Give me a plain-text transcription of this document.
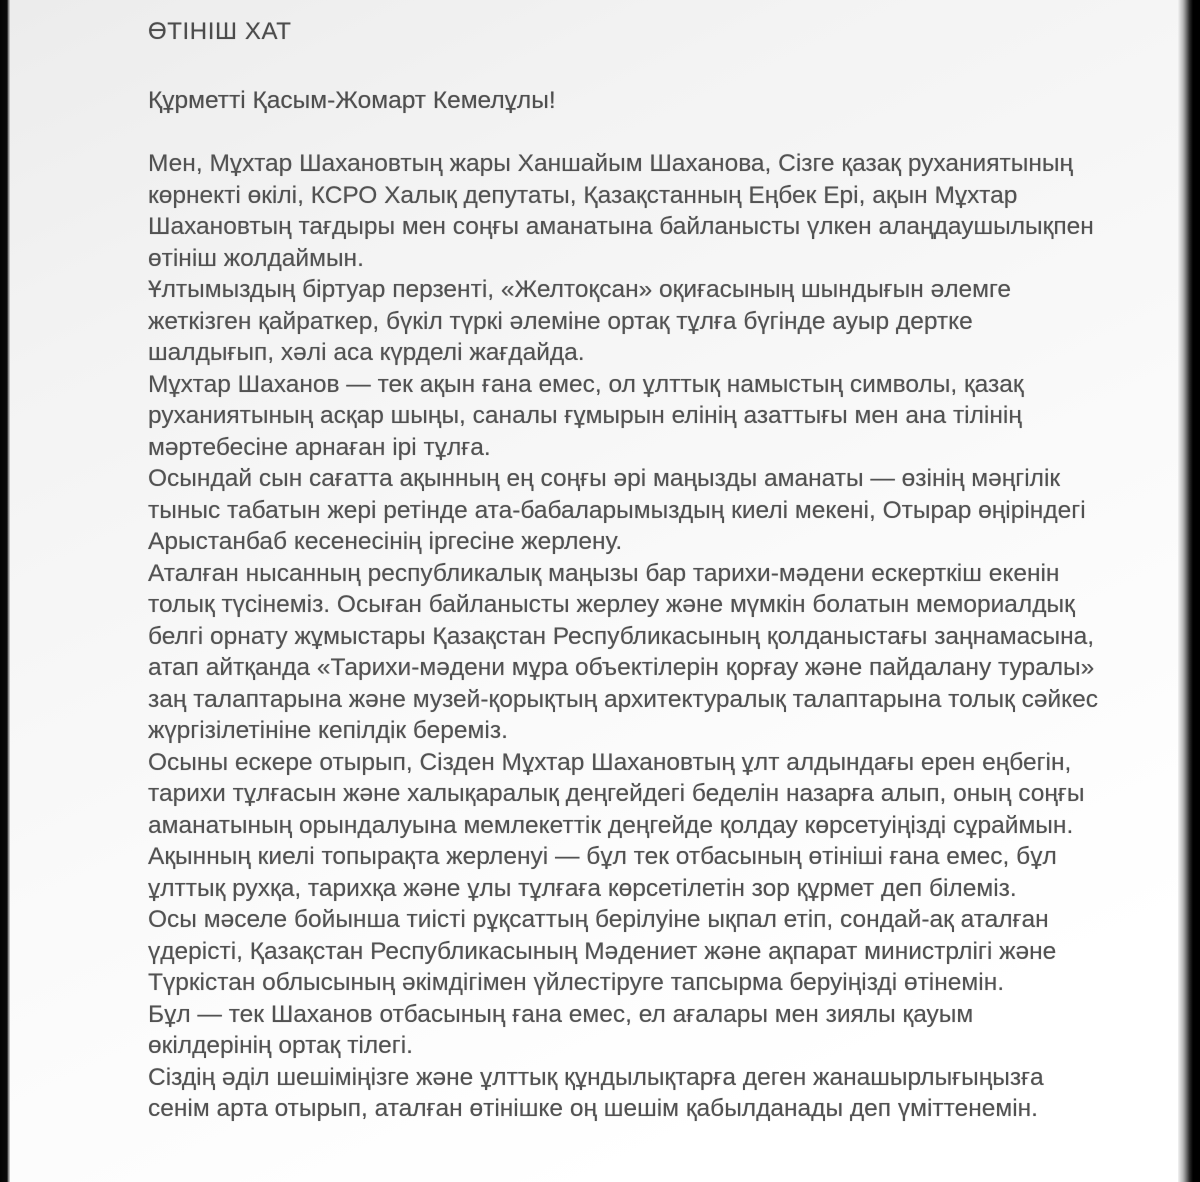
ӨТІНІШ ХАТ

Құрметті Қасым-Жомарт Кемелұлы!

Мен, Мұхтар Шахановтың жары Ханшайым Шаханова, Сізге қазақ руханиятының көрнекті өкілі, КСРО Халық депутаты, Қазақстанның Еңбек Ері, ақын Мұхтар Шахановтың тағдыры мен соңғы аманатына байланысты үлкен алаңдаушылықпен өтініш жолдаймын.

Ұлтымыздың біртуар перзенті, «Желтоқсан» оқиғасының шындығын әлемге жеткізген қайраткер, бүкіл түркі әлеміне ортақ тұлға бүгінде ауыр дертке шалдығып, хәлі аса күрделі жағдайда.

Мұхтар Шаханов — тек ақын ғана емес, ол ұлттық намыстың символы, қазақ руханиятының асқар шыңы, саналы ғұмырын елінің азаттығы мен ана тілінің мәртебесіне арнаған ірі тұлға.

Осындай сын сағатта ақынның ең соңғы әрі маңызды аманаты — өзінің мәңгілік тыныс табатын жері ретінде ата-бабаларымыздың киелі мекені, Отырар өңіріндегі Арыстанбаб кесенесінің іргесіне жерлену.

Аталған нысанның республикалық маңызы бар тарихи-мәдени ескерткіш екенін толық түсінеміз. Осыған байланысты жерлеу және мүмкін болатын мемориалдық белгі орнату жұмыстары Қазақстан Республикасының қолданыстағы заңнамасына, атап айтқанда «Тарихи-мәдени мұра объектілерін қорғау және пайдалану туралы» заң талаптарына және музей-қорықтың архитектуралық талаптарына толық сәйкес жүргізілетініне кепілдік береміз.

Осыны ескере отырып, Сізден Мұхтар Шахановтың ұлт алдындағы ерен еңбегін, тарихи тұлғасын және халықаралық деңгейдегі беделін назарға алып, оның соңғы аманатының орындалуына мемлекеттік деңгейде қолдау көрсетуіңізді сұраймын.

Ақынның киелі топырақта жерленуі — бұл тек отбасының өтініші ғана емес, бұл ұлттық рухқа, тарихқа және ұлы тұлғаға көрсетілетін зор құрмет деп білеміз.

Осы мәселе бойынша тиісті рұқсаттың берілуіне ықпал етіп, сондай-ақ аталған үдерісті, Қазақстан Республикасының Мәдениет және ақпарат министрлігі және Түркістан облысының әкімдігімен үйлестіруге тапсырма беруіңізді өтінемін.

Бұл — тек Шаханов отбасының ғана емес, ел ағалары мен зиялы қауым өкілдерінің ортақ тілегі.

Сіздің әділ шешіміңізге және ұлттық құндылықтарға деген жанашырлығыңызға сенім арта отырып, аталған өтінішке оң шешім қабылданады деп үміттенемін.
